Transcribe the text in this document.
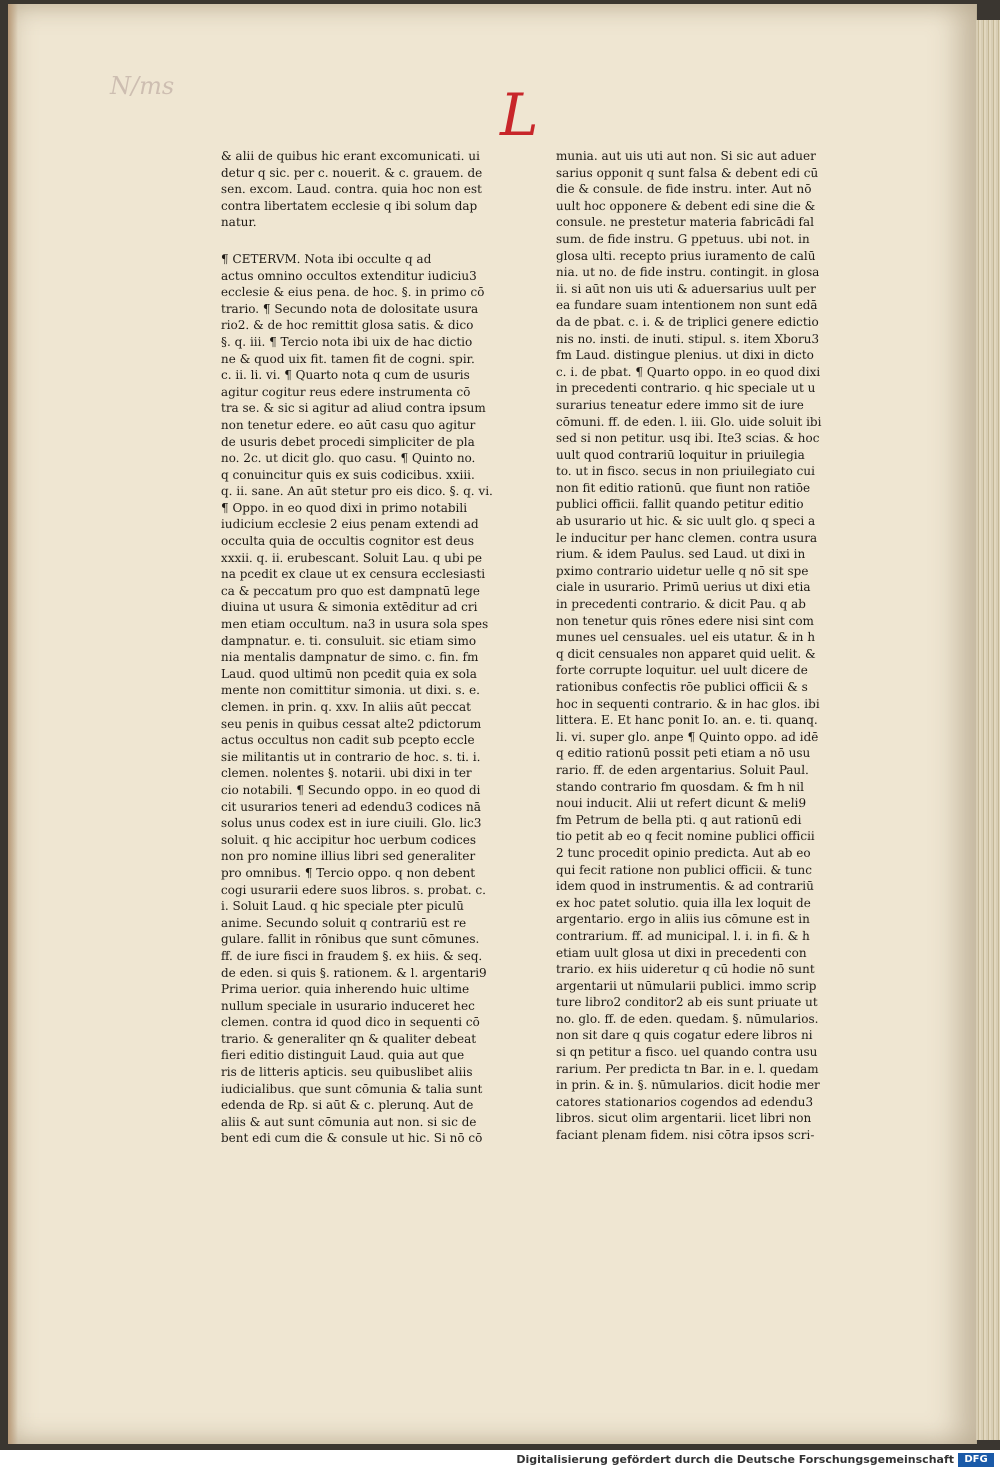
N/ms	L
& alii de quibus hic erant excomunicati. ui
detur q sic. per c. nouerit. & c. grauem. de
sen. excom. Laud. contra. quia hoc non est
contra libertatem ecclesie q ibi solum dap
natur.
¶ CETERVM. Nota ibi occulte q ad
actus omnino occultos extenditur iudiciu3
ecclesie & eius pena. de hoc. §. in primo cō
trario. ¶ Secundo nota de dolositate usura
rio2. & de hoc remittit glosa satis. & dico
§. q. iii. ¶ Tercio nota ibi uix de hac dictio
ne & quod uix fit. tamen fit de cogni. spir.
c. ii. li. vi. ¶ Quarto nota q cum de usuris
agitur cogitur reus edere instrumenta cō
tra se. & sic si agitur ad aliud contra ipsum
non tenetur edere. eo aūt casu quo agitur
de usuris debet procedi simpliciter de pla
no. 2c. ut dicit glo. quo casu. ¶ Quinto no.
q conuincitur quis ex suis codicibus. xxiii.
q. ii. sane. An aūt stetur pro eis dico. §. q. vi.
¶ Oppo. in eo quod dixi in primo notabili
iudicium ecclesie 2 eius penam extendi ad
occulta quia de occultis cognitor est deus
xxxii. q. ii. erubescant. Soluit Lau. q ubi pe
na pcedit ex claue ut ex censura ecclesiasti
ca & peccatum pro quo est dampnatū lege
diuina ut usura & simonia extēditur ad cri
men etiam occultum. na3 in usura sola spes
dampnatur. e. ti. consuluit. sic etiam simo
nia mentalis dampnatur de simo. c. fin. fm
Laud. quod ultimū non pcedit quia ex sola
mente non comittitur simonia. ut dixi. s. e.
clemen. in prin. q. xxv. In aliis aūt peccat
seu penis in quibus cessat alte2 pdictorum
actus occultus non cadit sub pcepto eccle
sie militantis ut in contrario de hoc. s. ti. i.
clemen. nolentes §. notarii. ubi dixi in ter
cio notabili. ¶ Secundo oppo. in eo quod di
cit usurarios teneri ad edendu3 codices nā
solus unus codex est in iure ciuili. Glo. lic3
soluit. q hic accipitur hoc uerbum codices
non pro nomine illius libri sed generaliter
pro omnibus. ¶ Tercio oppo. q non debent
cogi usurarii edere suos libros. s. probat. c.
i. Soluit Laud. q hic speciale pter piculū
anime. Secundo soluit q contrariū est re
gulare. fallit in rōnibus que sunt cōmunes.
ff. de iure fisci in fraudem §. ex hiis. & seq.
de eden. si quis §. rationem. & l. argentari9
Prima uerior. quia inherendo huic ultime
nullum speciale in usurario induceret hec
clemen. contra id quod dico in sequenti cō
trario. & generaliter qn & qualiter debeat
fieri editio distinguit Laud. quia aut que
ris de litteris apticis. seu quibuslibet aliis
iudicialibus. que sunt cōmunia & talia sunt
edenda de Rp. si aūt & c. plerunq. Aut de
aliis & aut sunt cōmunia aut non. si sic de
bent edi cum die & consule ut hic. Si nō cō
munia. aut uis uti aut non. Si sic aut aduer
sarius opponit q sunt falsa & debent edi cū
die & consule. de fide instru. inter. Aut nō
uult hoc opponere & debent edi sine die &
consule. ne prestetur materia fabricādi fal
sum. de fide instru. G ppetuus. ubi not. in
glosa ulti. recepto prius iuramento de calū
nia. ut no. de fide instru. contingit. in glosa
ii. si aūt non uis uti & aduersarius uult per
ea fundare suam intentionem non sunt edā
da de pbat. c. i. & de triplici genere edictio
nis no. insti. de inuti. stipul. s. item Xboru3
fm Laud. distingue plenius. ut dixi in dicto
c. i. de pbat. ¶ Quarto oppo. in eo quod dixi
in precedenti contrario. q hic speciale ut u
surarius teneatur edere immo sit de iure
cōmuni. ff. de eden. l. iii. Glo. uide soluit ibi
sed si non petitur. usq ibi. Ite3 scias. & hoc
uult quod contrariū loquitur in priuilegia
to. ut in fisco. secus in non priuilegiato cui
non fit editio rationū. que fiunt non ratiōe
publici officii. fallit quando petitur editio
ab usurario ut hic. & sic uult glo. q speci a
le inducitur per hanc clemen. contra usura
rium. & idem Paulus. sed Laud. ut dixi in
pximo contrario uidetur uelle q nō sit spe
ciale in usurario. Primū uerius ut dixi etia
in precedenti contrario. & dicit Pau. q ab
non tenetur quis rōnes edere nisi sint com
munes uel censuales. uel eis utatur. & in h
q dicit censuales non apparet quid uelit. &
forte corrupte loquitur. uel uult dicere de
rationibus confectis rōe publici officii & s
hoc in sequenti contrario. & in hac glos. ibi
littera. E. Et hanc ponit Io. an. e. ti. quanq.
li. vi. super glo. anpe ¶ Quinto oppo. ad idē
q editio rationū possit peti etiam a nō usu
rario. ff. de eden argentarius. Soluit Paul.
stando contrario fm quosdam. & fm h nil
noui inducit. Alii ut refert dicunt & meli9
fm Petrum de bella pti. q aut rationū edi
tio petit ab eo q fecit nomine publici officii
2 tunc procedit opinio predicta. Aut ab eo
qui fecit ratione non publici officii. & tunc
idem quod in instrumentis. & ad contrariū
ex hoc patet solutio. quia illa lex loquit de
argentario. ergo in aliis ius cōmune est in
contrarium. ff. ad municipal. l. i. in fi. & h
etiam uult glosa ut dixi in precedenti con
trario. ex hiis uideretur q cū hodie nō sunt
argentarii ut nūmularii publici. immo scrip
ture libro2 conditor2 ab eis sunt priuate ut
no. glo. ff. de eden. quedam. §. nūmularios.
non sit dare q quis cogatur edere libros ni
si qn petitur a fisco. uel quando contra usu
rarium. Per predicta tn Bar. in e. l. quedam
in prin. & in. §. nūmularios. dicit hodie mer
catores stationarios cogendos ad edendu3
libros. sicut olim argentarii. licet libri non
faciant plenam fidem. nisi cōtra ipsos scri-
Digitalisierung gefördert durch die Deutsche Forschungsgemeinschaft	DFG
